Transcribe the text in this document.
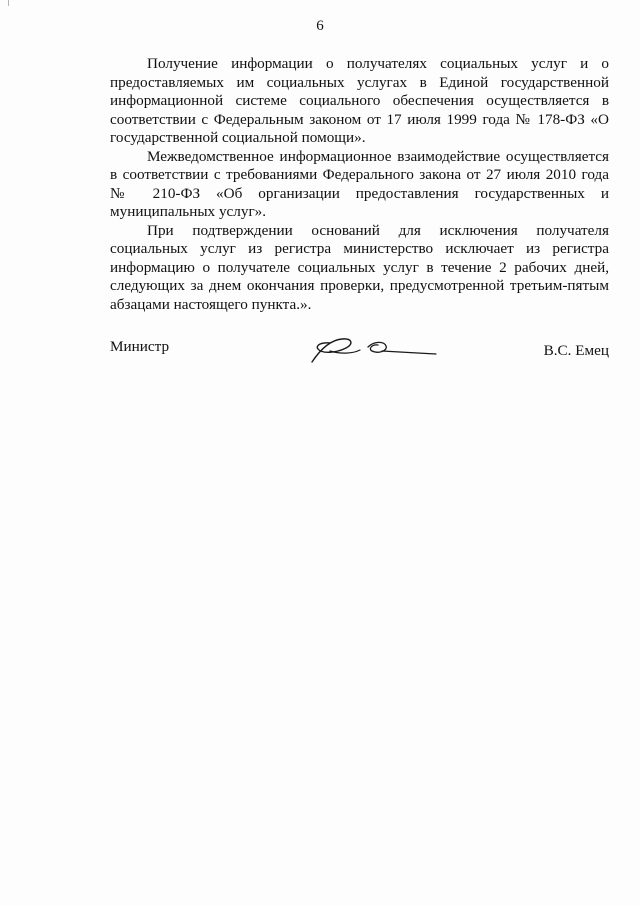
6

Получение информации о получателях социальных услуг и о предоставляемых им социальных услугах в Единой государственной информационной системе социального обеспечения осуществляется в соответствии с Федеральным законом от 17 июля 1999 года № 178-ФЗ «О государственной социальной помощи».

Межведомственное информационное взаимодействие осуществляется в соответствии с требованиями Федерального закона от 27 июля 2010 года № 210-ФЗ «Об организации предоставления государственных и муниципальных услуг».

При подтверждении оснований для исключения получателя социальных услуг из регистра министерство исключает из регистра информацию о получателе социальных услуг в течение 2 рабочих дней, следующих за днем окончания проверки, предусмотренной третьим-пятым абзацами настоящего пункта.».

Министр	В.С. Емец
